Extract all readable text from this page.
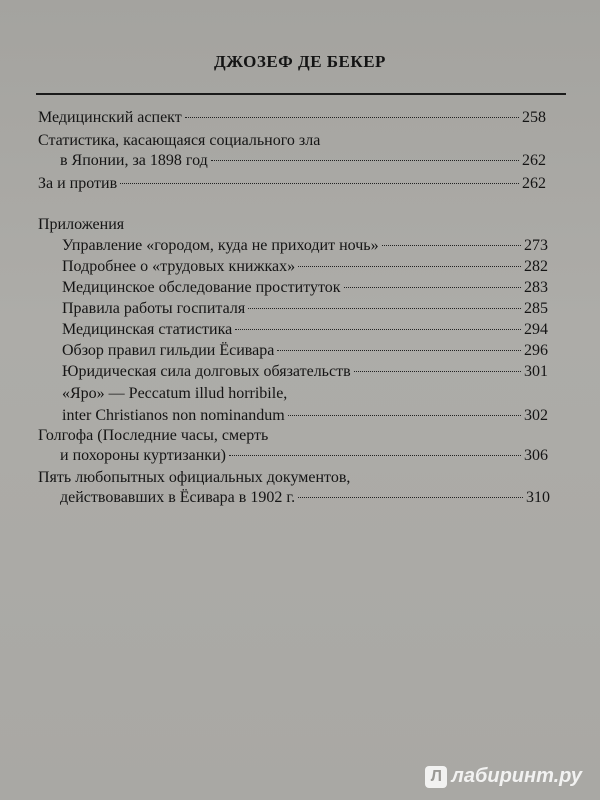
ДЖОЗЕФ ДЕ БЕКЕР
Медицинский аспект	258
Статистика, касающаяся социального зла
в Японии, за 1898 год	262
За и против	262
Приложения
Управление «городом, куда не приходит ночь»	273
Подробнее о «трудовых книжках»	282
Медицинское обследование проституток	283
Правила работы госпиталя	285
Медицинская статистика	294
Обзор правил гильдии Ёсивара	296
Юридическая сила долговых обязательств	301
«Яро» — Peccatum illud horribile,
inter Christianos non nominandum	302
Голгофа (Последние часы, смерть
и похороны куртизанки)	306
Пять любопытных официальных документов,
действовавших в Ёсивара в 1902 г.	310
Л лабиринт.ру
